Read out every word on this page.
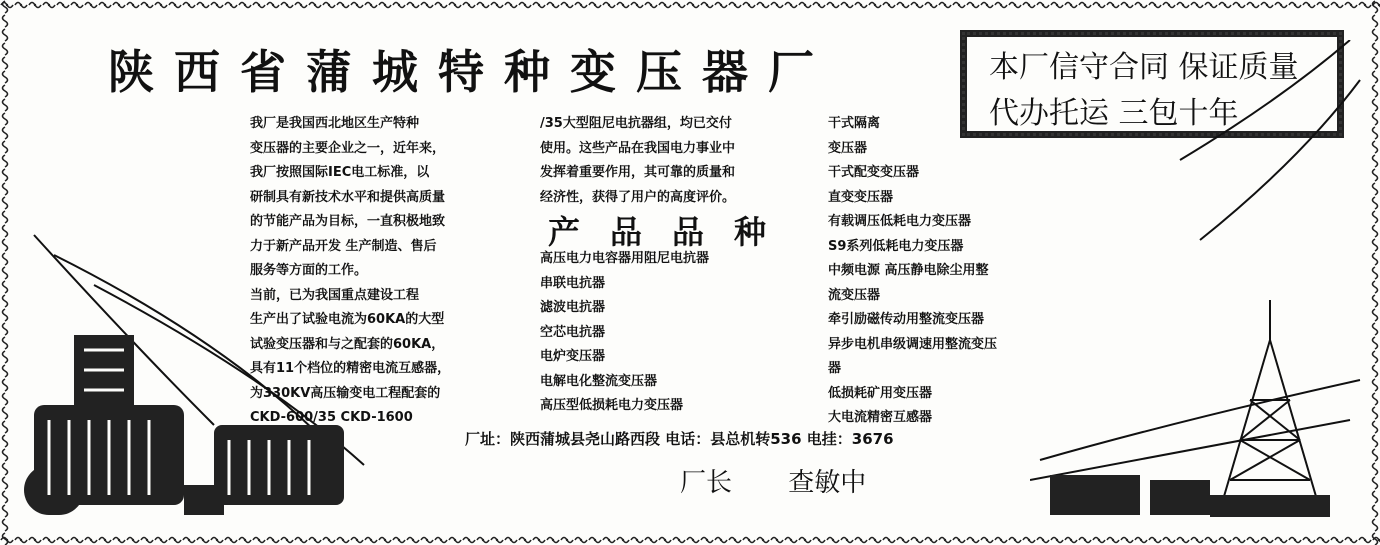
陕西省蒲城特种变压器厂	本厂信守合同 保证质量
代办托运 三包十年
我厂是我国西北地区生产特种
变压器的主要企业之一，近年来，
我厂按照国际IEC电工标准，以
研制具有新技术水平和提供高质量
的节能产品为目标，一直积极地致
力于新产品开发 生产制造、售后
服务等方面的工作。
当前，已为我国重点建设工程
生产出了试验电流为60KA的大型
试验变压器和与之配套的60KA，
具有11个档位的精密电流互感器，
为330KV高压输变电工程配套的
CKD-600/35 CKD-1600
/35大型阻尼电抗器组，均已交付
使用。这些产品在我国电力事业中
发挥着重要作用，其可靠的质量和
经济性，获得了用户的高度评价。
产品品种
高压电力电容器用阻尼电抗器
串联电抗器
滤波电抗器
空芯电抗器
电炉变压器
电解电化整流变压器
高压型低损耗电力变压器
干式隔离
变压器
干式配变变压器
直变变压器
有载调压低耗电力变压器
S9系列低耗电力变压器
中频电源 高压静电除尘用整
流变压器
牵引励磁传动用整流变压器
异步电机串级调速用整流变压
器
低损耗矿用变压器
大电流精密互感器
厂址：陕西蒲城县尧山路西段 电话：县总机转536 电挂：3676
厂长 查敏中
